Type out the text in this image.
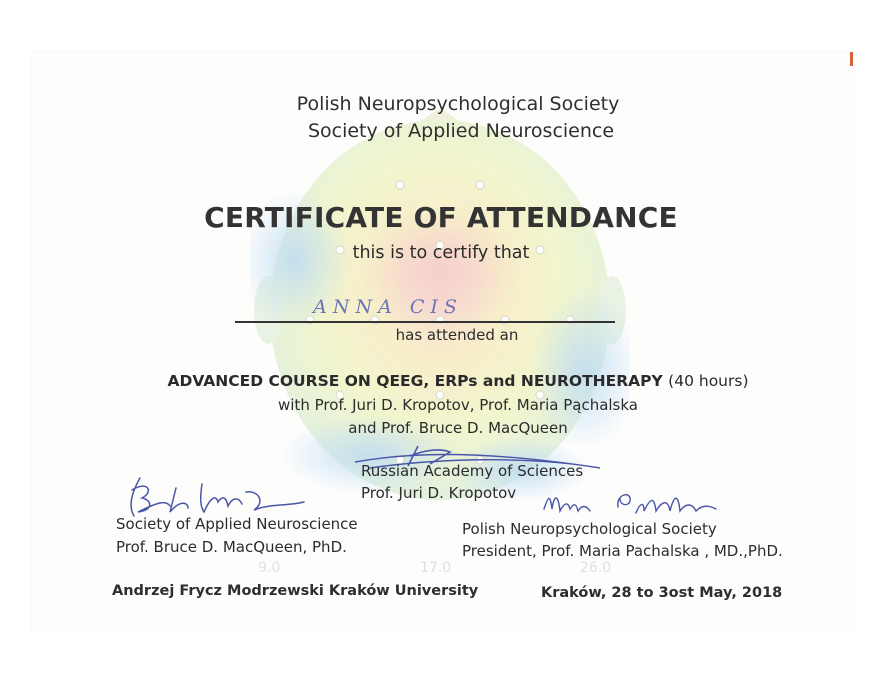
9.0	17.0	26.0
Polish Neuropsychological Society
Society of Applied Neuroscience
CERTIFICATE OF ATTENDANCE
this is to certify that
ANNA CIS
has attended an
ADVANCED COURSE ON QEEG, ERPs and NEUROTHERAPY (40 hours)
with Prof. Juri D. Kropotov, Prof. Maria Pąchalska
and Prof. Bruce D. MacQueen
Russian Academy of Sciences
Prof. Juri D. Kropotov
Society of Applied Neuroscience
Prof. Bruce D. MacQueen, PhD.
Polish Neuropsychological Society
President, Prof. Maria Pachalska , MD.,PhD.
Andrzej Frycz Modrzewski Kraków University	Kraków, 28 to 3ost May, 2018
